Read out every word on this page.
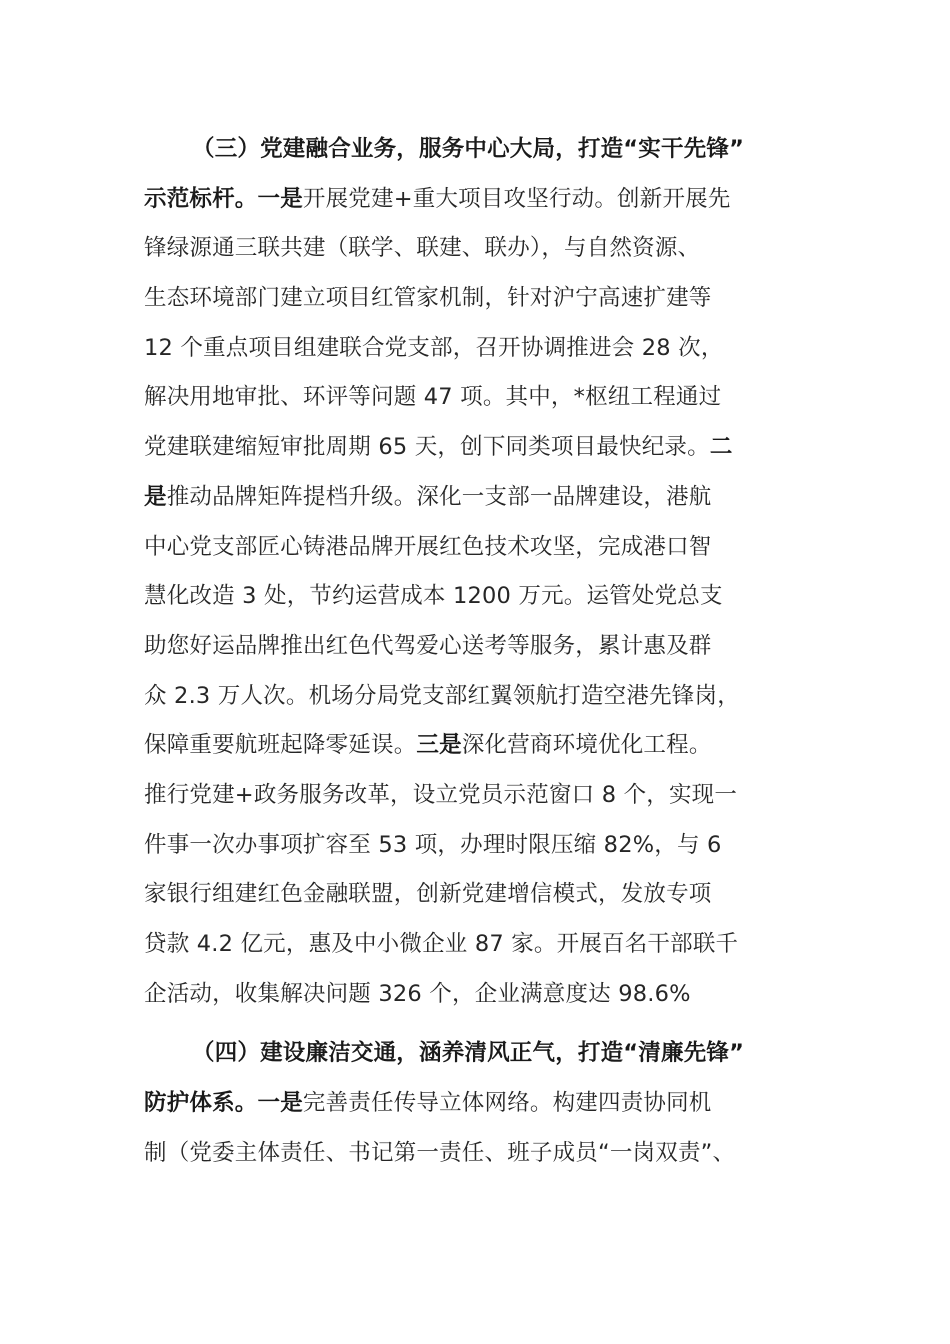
（三）党建融合业务，服务中心大局，打造“实干先锋”
示范标杆。一是开展党建+重大项目攻坚行动。创新开展先
锋绿源通三联共建（联学、联建、联办），与自然资源、
生态环境部门建立项目红管家机制，针对沪宁高速扩建等
12 个重点项目组建联合党支部，召开协调推进会 28 次，
解决用地审批、环评等问题 47 项。其中，*枢纽工程通过
党建联建缩短审批周期 65 天，创下同类项目最快纪录。二
是推动品牌矩阵提档升级。深化一支部一品牌建设，港航
中心党支部匠心铸港品牌开展红色技术攻坚，完成港口智
慧化改造 3 处，节约运营成本 1200 万元。运管处党总支
助您好运品牌推出红色代驾爱心送考等服务，累计惠及群
众 2.3 万人次。机场分局党支部红翼领航打造空港先锋岗，
保障重要航班起降零延误。三是深化营商环境优化工程。
推行党建+政务服务改革，设立党员示范窗口 8 个，实现一
件事一次办事项扩容至 53 项，办理时限压缩 82%，与 6
家银行组建红色金融联盟，创新党建增信模式，发放专项
贷款 4.2 亿元，惠及中小微企业 87 家。开展百名干部联千
企活动，收集解决问题 326 个，企业满意度达 98.6%
（四）建设廉洁交通，涵养清风正气，打造“清廉先锋”
防护体系。一是完善责任传导立体网络。构建四责协同机
制（党委主体责任、书记第一责任、班子成员“一岗双责”、
